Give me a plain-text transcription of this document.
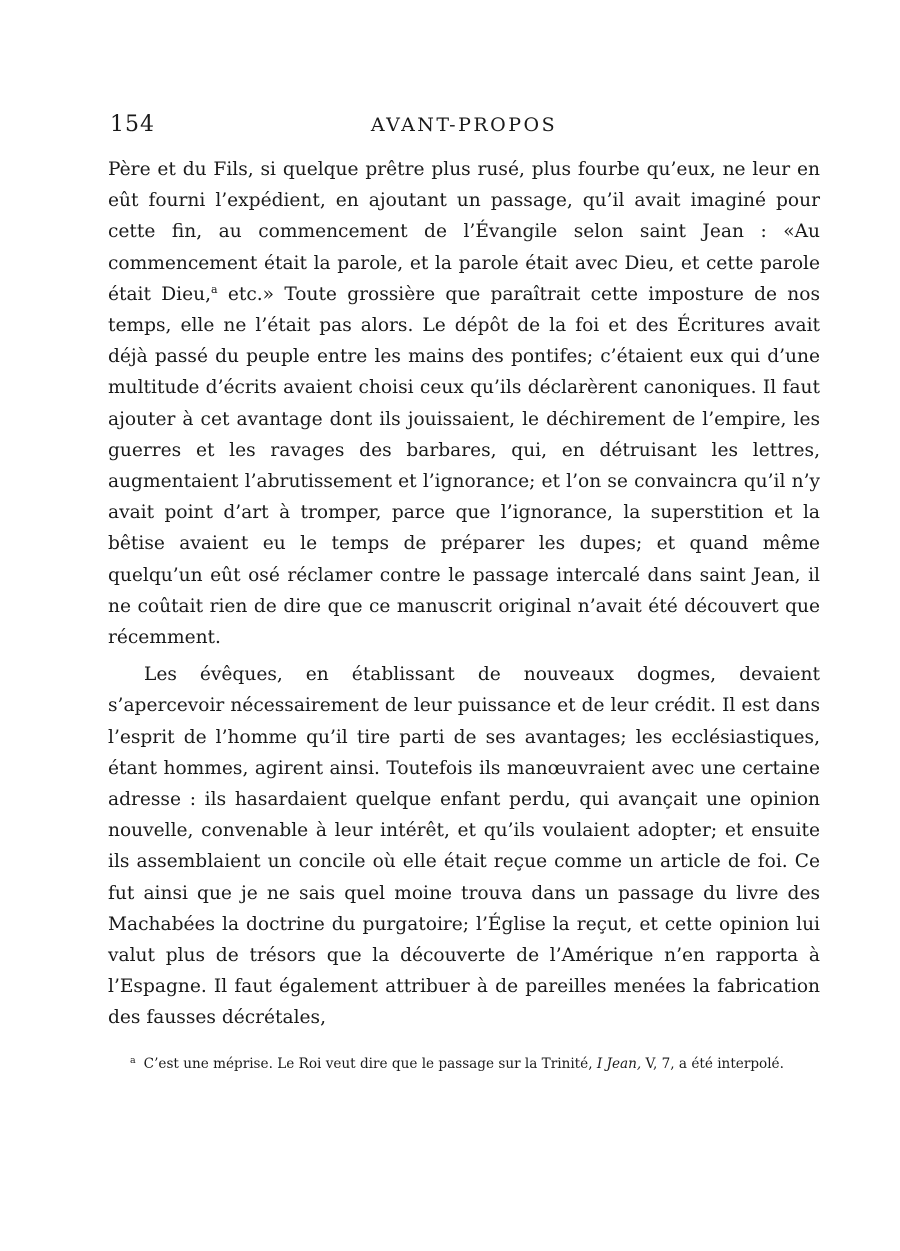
154	AVANT-PROPOS

Père et du Fils, si quelque prêtre plus rusé, plus fourbe qu’eux, ne leur en eût fourni l’expédient, en ajoutant un passage, qu’il avait imaginé pour cette fin, au commencement de l’Évangile selon saint Jean : «Au commencement était la parole, et la parole était avec Dieu, et cette parole était Dieu,$^a$ etc.» Toute grossière que paraîtrait cette imposture de nos temps, elle ne l’était pas alors. Le dépôt de la foi et des Écritures avait déjà passé du peuple entre les mains des pontifes; c’étaient eux qui d’une multitude d’écrits avaient choisi ceux qu’ils déclarèrent canoniques. Il faut ajouter à cet avantage dont ils jouissaient, le déchirement de l’empire, les guerres et les ravages des barbares, qui, en détruisant les lettres, augmentaient l’abrutissement et l’ignorance; et l’on se convaincra qu’il n’y avait point d’art à tromper, parce que l’ignorance, la superstition et la bêtise avaient eu le temps de préparer les dupes; et quand même quelqu’un eût osé réclamer contre le passage intercalé dans saint Jean, il ne coûtait rien de dire que ce manuscrit original n’avait été découvert que récemment.

Les évêques, en établissant de nouveaux dogmes, devaient s’apercevoir nécessairement de leur puissance et de leur crédit. Il est dans l’esprit de l’homme qu’il tire parti de ses avantages; les ecclésiastiques, étant hommes, agirent ainsi. Toutefois ils manœuvraient avec une certaine adresse : ils hasardaient quelque enfant perdu, qui avançait une opinion nouvelle, convenable à leur intérêt, et qu’ils voulaient adopter; et ensuite ils assemblaient un concile où elle était reçue comme un article de foi. Ce fut ainsi que je ne sais quel moine trouva dans un passage du livre des Machabées la doctrine du purgatoire; l’Église la reçut, et cette opinion lui valut plus de trésors que la découverte de l’Amérique n’en rapporta à l’Espagne. Il faut également attribuer à de pareilles menées la fabrication des fausses décrétales,

$^a$ C’est une méprise. Le Roi veut dire que le passage sur la Trinité, I Jean, V, 7, a été interpolé.
